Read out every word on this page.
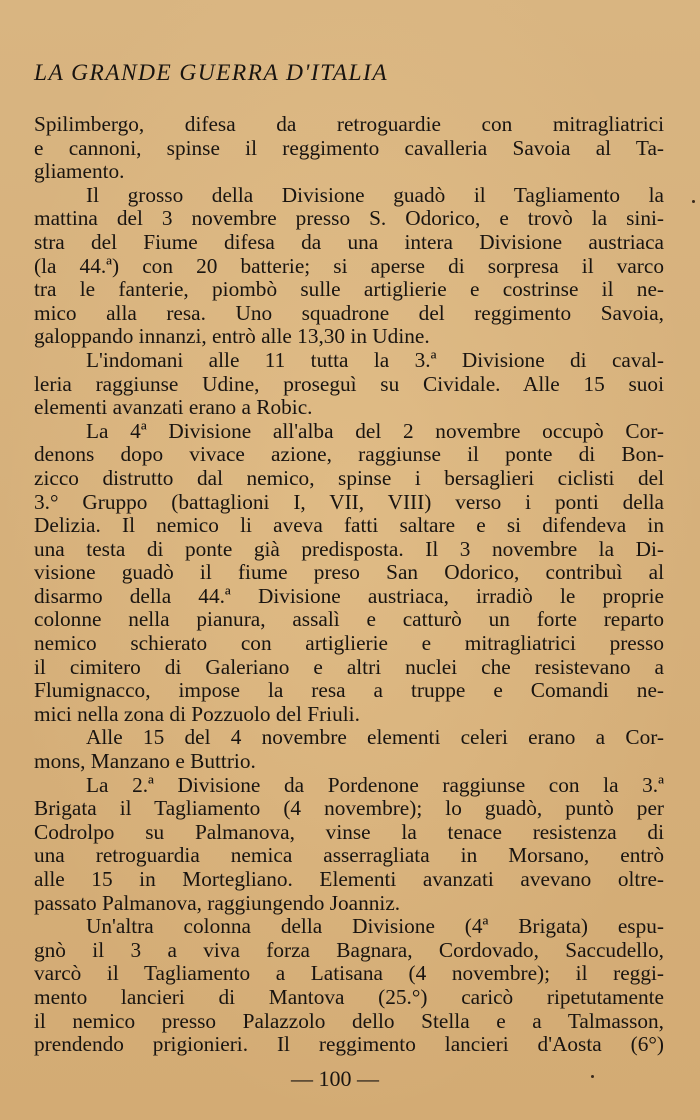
LA GRANDE GUERRA D'ITALIA
Spilimbergo, difesa da retroguardie con mitragliatrici
e cannoni, spinse il reggimento cavalleria Savoia al Ta-
gliamento.
Il grosso della Divisione guadò il Tagliamento la
mattina del 3 novembre presso S. Odorico, e trovò la sini-
stra del Fiume difesa da una intera Divisione austriaca
(la 44.ª) con 20 batterie; si aperse di sorpresa il varco
tra le fanterie, piombò sulle artiglierie e costrinse il ne-
mico alla resa. Uno squadrone del reggimento Savoia,
galoppando innanzi, entrò alle 13,30 in Udine.
L'indomani alle 11 tutta la 3.ª Divisione di caval-
leria raggiunse Udine, proseguì su Cividale. Alle 15 suoi
elementi avanzati erano a Robic.
La 4ª Divisione all'alba del 2 novembre occupò Cor-
denons dopo vivace azione, raggiunse il ponte di Bon-
zicco distrutto dal nemico, spinse i bersaglieri ciclisti del
3.° Gruppo (battaglioni I, VII, VIII) verso i ponti della
Delizia. Il nemico li aveva fatti saltare e si difendeva in
una testa di ponte già predisposta. Il 3 novembre la Di-
visione guadò il fiume preso San Odorico, contribuì al
disarmo della 44.ª Divisione austriaca, irradiò le proprie
colonne nella pianura, assalì e catturò un forte reparto
nemico schierato con artiglierie e mitragliatrici presso
il cimitero di Galeriano e altri nuclei che resistevano a
Flumignacco, impose la resa a truppe e Comandi ne-
mici nella zona di Pozzuolo del Friuli.
Alle 15 del 4 novembre elementi celeri erano a Cor-
mons, Manzano e Buttrio.
La 2.ª Divisione da Pordenone raggiunse con la 3.ª
Brigata il Tagliamento (4 novembre); lo guadò, puntò per
Codrolpo su Palmanova, vinse la tenace resistenza di
una retroguardia nemica asserragliata in Morsano, entrò
alle 15 in Mortegliano. Elementi avanzati avevano oltre-
passato Palmanova, raggiungendo Joanniz.
Un'altra colonna della Divisione (4ª Brigata) espu-
gnò il 3 a viva forza Bagnara, Cordovado, Saccudello,
varcò il Tagliamento a Latisana (4 novembre); il reggi-
mento lancieri di Mantova (25.°) caricò ripetutamente
il nemico presso Palazzolo dello Stella e a Talmasson,
prendendo prigionieri. Il reggimento lancieri d'Aosta (6°)
— 100 —
